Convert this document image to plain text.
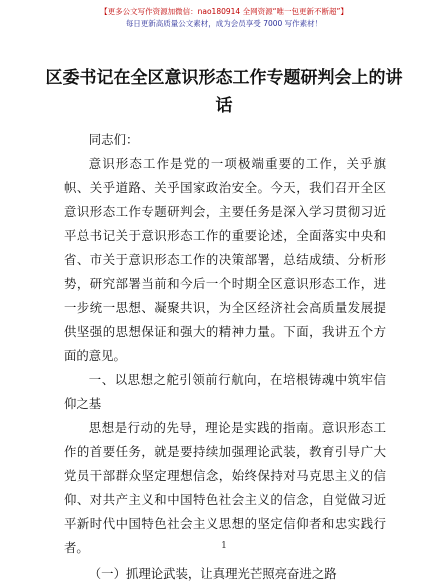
【更多公文写作资源加微信：nao180914 全网资源“唯一包更新不断超”】
每日更新高质量公文素材，成为会员享受 7000 写作素材！
区委书记在全区意识形态工作专题研判会上的讲话

同志们：

意识形态工作是党的一项极端重要的工作，关乎旗帜、关乎道路、关乎国家政治安全。今天，我们召开全区意识形态工作专题研判会，主要任务是深入学习贯彻习近平总书记关于意识形态工作的重要论述，全面落实中央和省、市关于意识形态工作的决策部署，总结成绩、分析形势，研究部署当前和今后一个时期全区意识形态工作，进一步统一思想、凝聚共识，为全区经济社会高质量发展提供坚强的思想保证和强大的精神力量。下面，我讲五个方面的意见。

一、以思想之舵引领前行航向，在培根铸魂中筑牢信仰之基

思想是行动的先导，理论是实践的指南。意识形态工作的首要任务，就是要持续加强理论武装，教育引导广大党员干部群众坚定理想信念，始终保持对马克思主义的信仰、对共产主义和中国特色社会主义的信念，自觉做习近平新时代中国特色社会主义思想的坚定信仰者和忠实践行者。

（一）抓理论武装，让真理光芒照亮奋进之路

1
